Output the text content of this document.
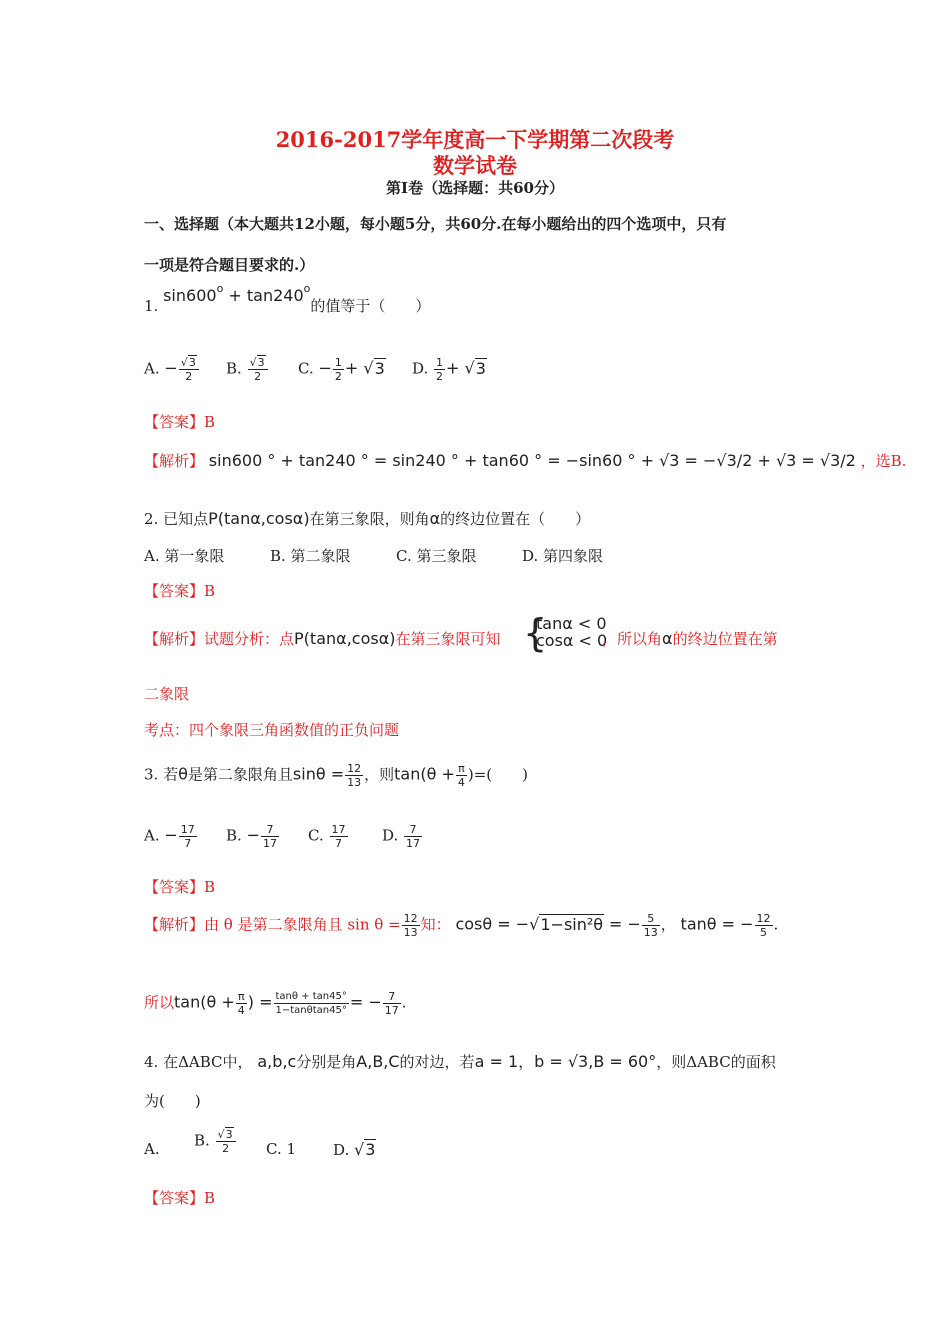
2016-2017学年度高一下学期第二次段考
数学试卷
第Ⅰ卷（选择题：共60分）
一、选择题（本大题共12小题，每小题5分，共60分.在每小题给出的四个选项中，只有
一项是符合题目要求的.）
1. $\sin 600^o + \tan 240^o$的值等于（　　）
A. − $\frac{√3}{2} B$. $\frac{√3}{2} C$. − $\frac{1}{2} + √3$ D. $\frac{1}{2} + √3$
【答案】B
【解析】 sin600 ° + tan240 ° = sin240 ° + tan60 ° = −sin60 ° + √3 = −√3/2 + √3 = √3/2 ，选B.
2. 已知点P(tanα,cosα)在第三象限，则角α的终边位置在（　　）
A. 第一象限	B. 第二象限	C. 第三象限	D. 第四象限
【答案】B
【解析】试题分析：点P(tanα,cosα)在第三象限可知 {
tanα < 0
cosα < 0
，所以角α的终边位置在第
二象限
考点：四个象限三角函数值的正负问题
3. 若θ是第二象限角且$\sin\theta = \frac{12}{13}$ ，则$\tan(\theta + \frac{\pi}{4}$ )=(　　)
A. − $\frac{17}{7} B$. − $\frac{7}{17} C$. $\frac{17}{7} D$. $\frac{7}{17}$
【答案】B
【解析】由 θ 是第二象限角且 $\sin \theta = \frac{12}{13}$ 知： cosθ = −√1−sin²θ = − $\frac{5}{13}$ ， tanθ = − $\frac{12}{5}$ .
所以$\tan(\theta + \frac{\pi}{4}$ ) = $\frac{\tan\theta + \tan 45^\circ}{1-\tan\theta\tan 45^\circ}$ = − $\frac{7}{17}$ .
4. 在ΔABC中， a,b,c分别是角A,B,C的对边，若a = 1，b = √3,B = 60°，则ΔABC的面积
为(　　)
A. B. $\frac{√3}{2} C$. 1 D. √3
【答案】B
